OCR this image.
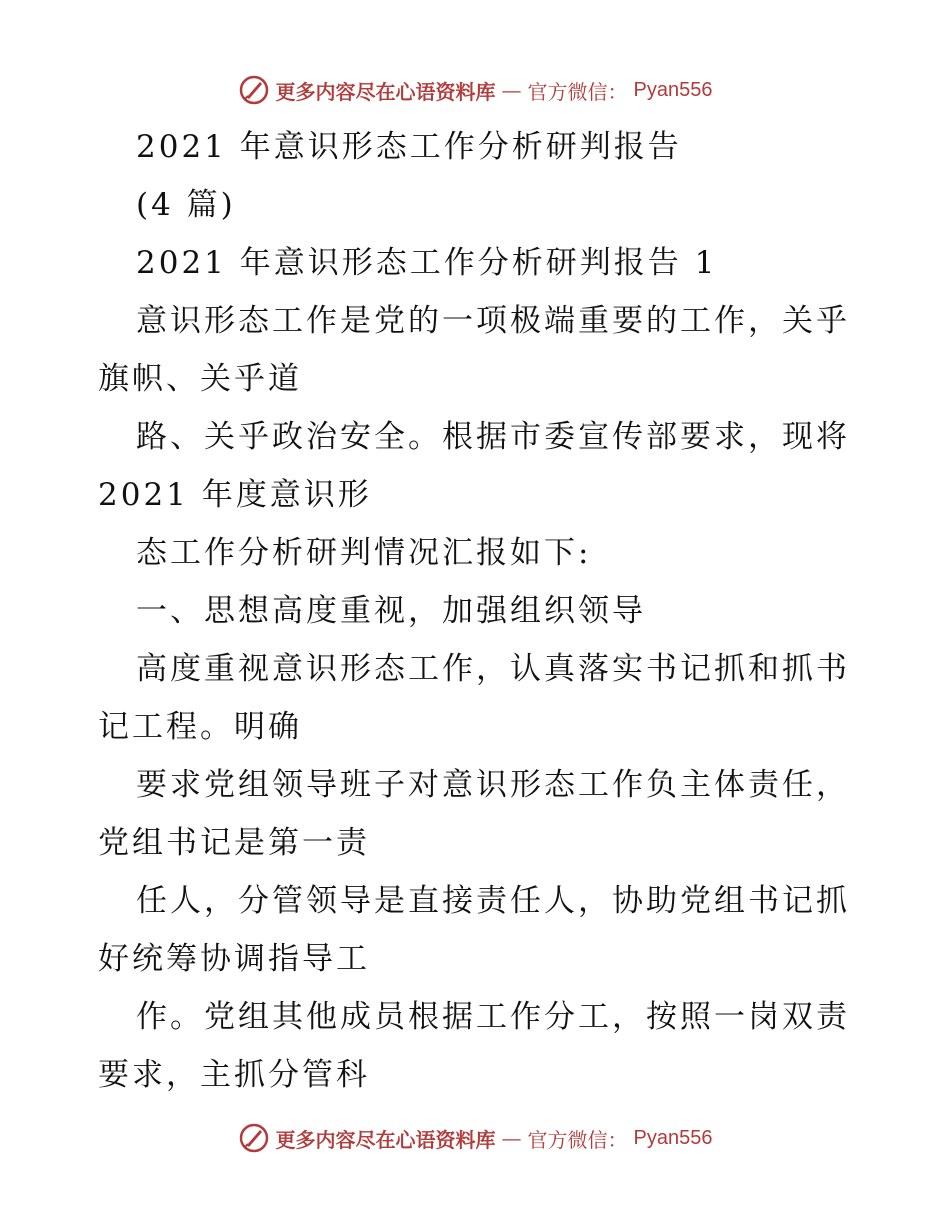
更多内容尽在心语资料库 — 官方微信： Pyan556
2021 年意识形态工作分析研判报告
(4 篇)
2021 年意识形态工作分析研判报告 1
意识形态工作是党的一项极端重要的工作，关乎
旗帜、关乎道
路、关乎政治安全。根据市委宣传部要求，现将
2021 年度意识形
态工作分析研判情况汇报如下:
一、思想高度重视，加强组织领导
高度重视意识形态工作，认真落实书记抓和抓书
记工程。明确
要求党组领导班子对意识形态工作负主体责任，
党组书记是第一责
任人，分管领导是直接责任人，协助党组书记抓
好统筹协调指导工
作。党组其他成员根据工作分工，按照一岗双责
要求，主抓分管科
更多内容尽在心语资料库 — 官方微信： Pyan556
